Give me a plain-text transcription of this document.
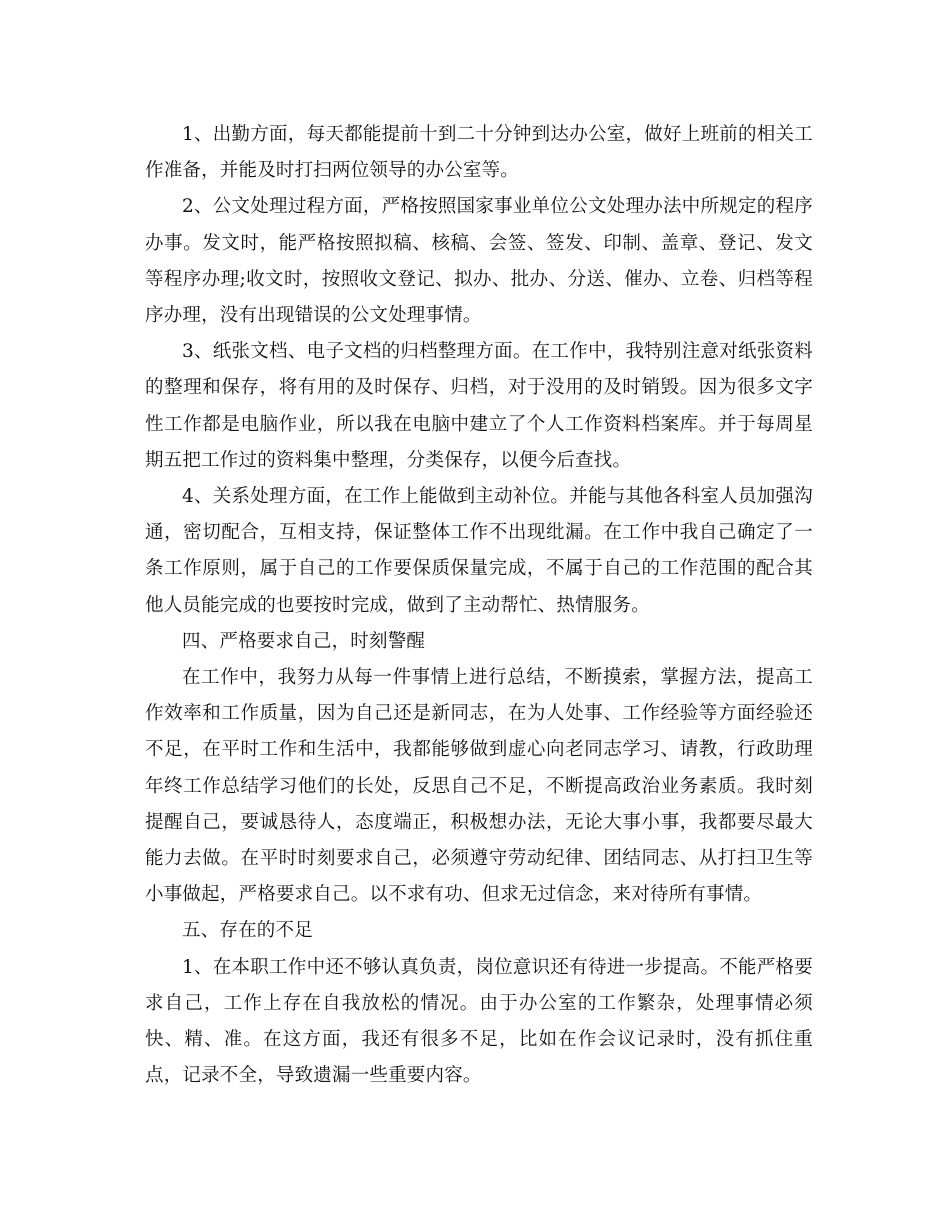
1、出勤方面，每天都能提前十到二十分钟到达办公室，做好上班前的相关工作准备，并能及时打扫两位领导的办公室等。

2、公文处理过程方面，严格按照国家事业单位公文处理办法中所规定的程序办事。发文时，能严格按照拟稿、核稿、会签、签发、印制、盖章、登记、发文等程序办理;收文时，按照收文登记、拟办、批办、分送、催办、立卷、归档等程序办理，没有出现错误的公文处理事情。

3、纸张文档、电子文档的归档整理方面。在工作中，我特别注意对纸张资料的整理和保存，将有用的及时保存、归档，对于没用的及时销毁。因为很多文字性工作都是电脑作业，所以我在电脑中建立了个人工作资料档案库。并于每周星期五把工作过的资料集中整理，分类保存，以便今后查找。

4、关系处理方面，在工作上能做到主动补位。并能与其他各科室人员加强沟通，密切配合，互相支持，保证整体工作不出现纰漏。在工作中我自己确定了一条工作原则，属于自己的工作要保质保量完成，不属于自己的工作范围的配合其他人员能完成的也要按时完成，做到了主动帮忙、热情服务。

四、严格要求自己，时刻警醒

在工作中，我努力从每一件事情上进行总结，不断摸索，掌握方法，提高工作效率和工作质量，因为自己还是新同志，在为人处事、工作经验等方面经验还不足，在平时工作和生活中，我都能够做到虚心向老同志学习、请教，行政助理年终工作总结学习他们的长处，反思自己不足，不断提高政治业务素质。我时刻提醒自己，要诚恳待人，态度端正，积极想办法，无论大事小事，我都要尽最大能力去做。在平时时刻要求自己，必须遵守劳动纪律、团结同志、从打扫卫生等小事做起，严格要求自己。以不求有功、但求无过信念，来对待所有事情。

五、存在的不足

1、在本职工作中还不够认真负责，岗位意识还有待进一步提高。不能严格要求自己，工作上存在自我放松的情况。由于办公室的工作繁杂，处理事情必须快、精、准。在这方面，我还有很多不足，比如在作会议记录时，没有抓住重点，记录不全，导致遗漏一些重要内容。
